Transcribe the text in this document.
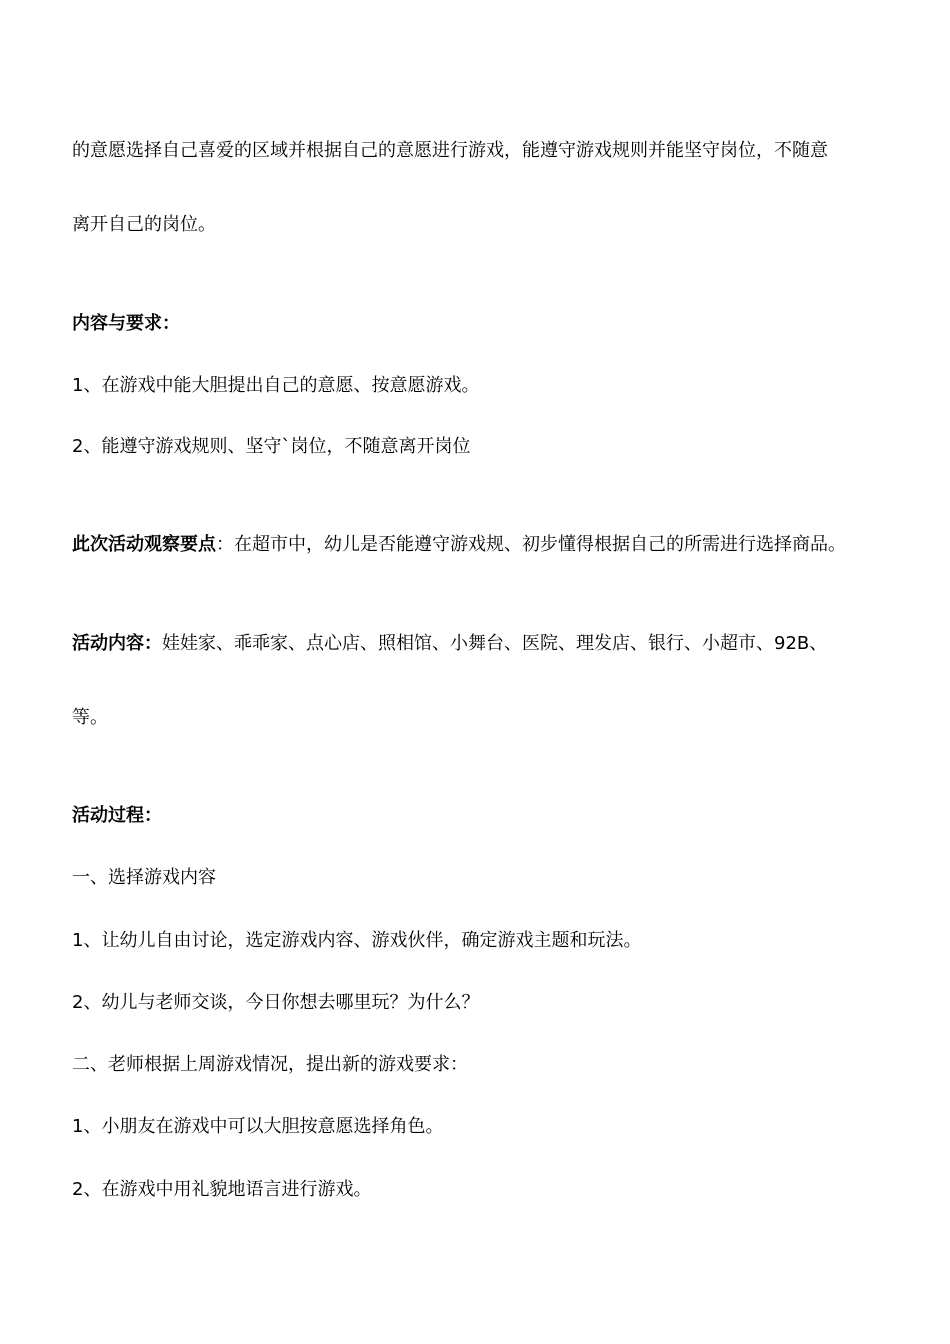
的意愿选择自己喜爱的区域并根据自己的意愿进行游戏，能遵守游戏规则并能坚守岗位，不随意
离开自己的岗位。
内容与要求：
1、在游戏中能大胆提出自己的意愿、按意愿游戏。
2、能遵守游戏规则、坚守`岗位，不随意离开岗位
此次活动观察要点：在超市中，幼儿是否能遵守游戏规、初步懂得根据自己的所需进行选择商品。
活动内容：娃娃家、乖乖家、点心店、照相馆、小舞台、医院、理发店、银行、小超市、92B、
等。
活动过程：
一、选择游戏内容
1、让幼儿自由讨论，选定游戏内容、游戏伙伴，确定游戏主题和玩法。
2、幼儿与老师交谈，今日你想去哪里玩？为什么？
二、老师根据上周游戏情况，提出新的游戏要求：
1、小朋友在游戏中可以大胆按意愿选择角色。
2、在游戏中用礼貌地语言进行游戏。
